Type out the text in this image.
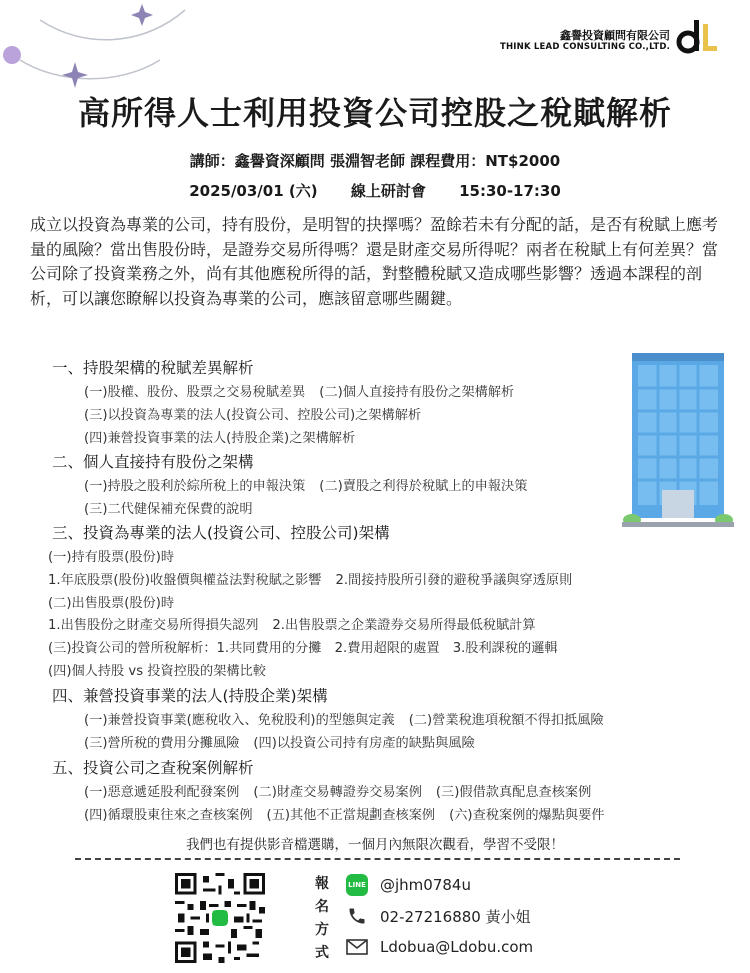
鑫譽投資顧問有限公司
THINK LEAD CONSULTING CO.,LTD.
高所得人士利用投資公司控股之稅賦解析
講師：鑫譽資深顧問 張淵智老師 課程費用：NT$2000
2025/03/01 (六) 線上研討會 15:30-17:30
成立以投資為專業的公司，持有股份，是明智的抉擇嗎？盈餘若未有分配的話，是否有稅賦上應考量的風險？當出售股份時，是證券交易所得嗎？還是財產交易所得呢？兩者在稅賦上有何差異？當公司除了投資業務之外，尚有其他應稅所得的話，對整體稅賦又造成哪些影響？透過本課程的剖析，可以讓您瞭解以投資為專業的公司，應該留意哪些關鍵。
一、持股架構的稅賦差異解析
(一)股權、股份、股票之交易稅賦差異 (二)個人直接持有股份之架構解析
(三)以投資為專業的法人(投資公司、控股公司)之架構解析
(四)兼營投資事業的法人(持股企業)之架構解析
二、個人直接持有股份之架構
(一)持股之股利於綜所稅上的申報決策 (二)賣股之利得於稅賦上的申報決策
(三)二代健保補充保費的說明
三、投資為專業的法人(投資公司、控股公司)架構
(一)持有股票(股份)時
1.年底股票(股份)收盤價與權益法對稅賦之影響 2.間接持股所引發的避稅爭議與穿透原則
(二)出售股票(股份)時
1.出售股份之財產交易所得損失認列 2.出售股票之企業證券交易所得最低稅賦計算
(三)投資公司的營所稅解析：1.共同費用的分攤　2.費用超限的處置　3.股利課稅的邏輯
(四)個人持股 vs 投資控股的架構比較
四、兼營投資事業的法人(持股企業)架構
(一)兼營投資事業(應稅收入、免稅股利)的型態與定義 (二)營業稅進項稅額不得扣抵風險
(三)營所稅的費用分攤風險 (四)以投資公司持有房產的缺點與風險
五、投資公司之查稅案例解析
(一)惡意遞延股利配發案例 (二)財產交易轉證券交易案例 (三)假借款真配息查核案例
(四)循環股東往來之查核案例 (五)其他不正當規劃查核案例 (六)查稅案例的爆點與要件
我們也有提供影音檔選購，一個月內無限次觀看，學習不受限！
報
名
方
式
LINE @jhm0784u
02-27216880 黃小姐
Ldobua@Ldobu.com
